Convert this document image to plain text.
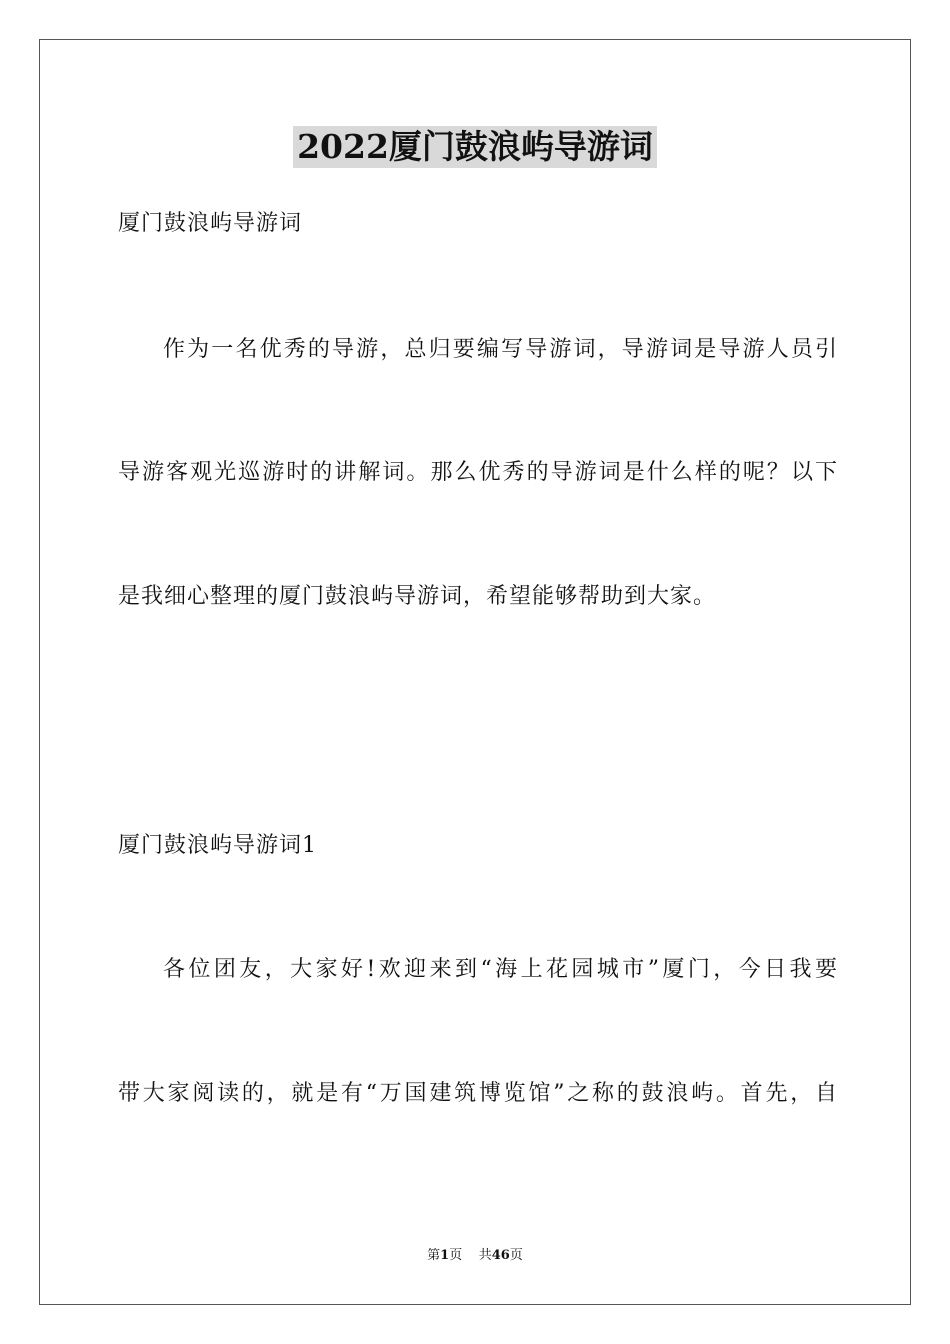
2022厦门鼓浪屿导游词
厦门鼓浪屿导游词
作为一名优秀的导游，总归要编写导游词，导游词是导游人员引
导游客观光巡游时的讲解词。那么优秀的导游词是什么样的呢？以下
是我细心整理的厦门鼓浪屿导游词，希望能够帮助到大家。
厦门鼓浪屿导游词1
各位团友，大家好!欢迎来到“海上花园城市”厦门，今日我要
带大家阅读的，就是有“万国建筑博览馆”之称的鼓浪屿。首先，自
第1页 共46页
